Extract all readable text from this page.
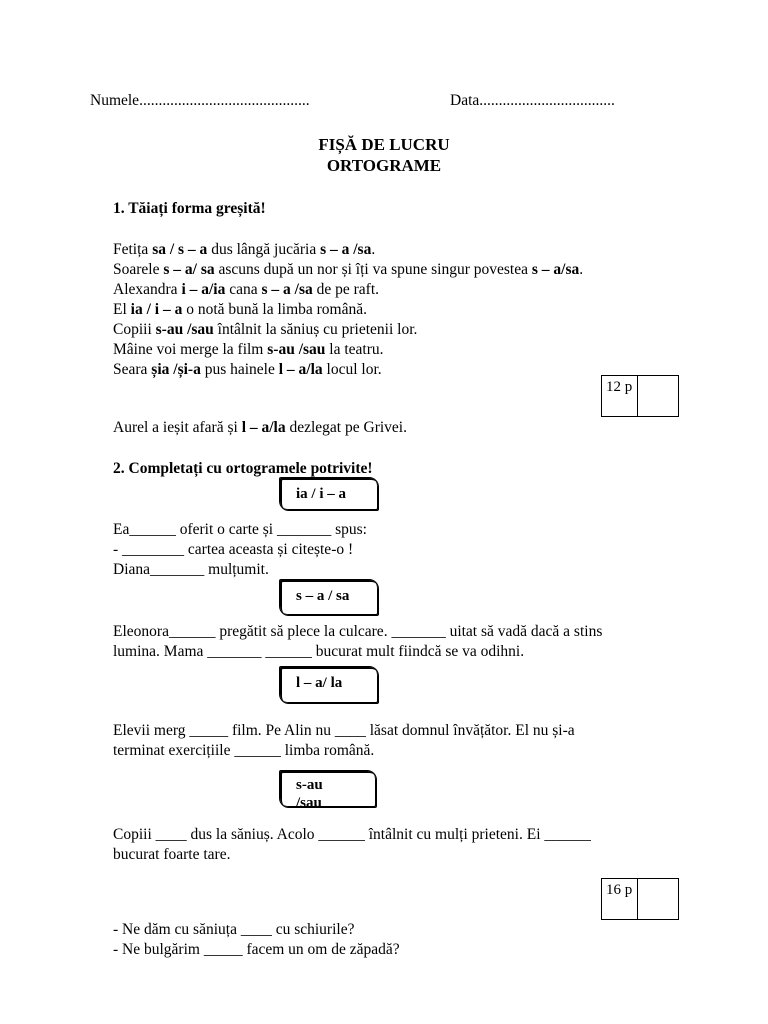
Numele............................................	Data...................................
FIȘĂ DE LUCRU
ORTOGRAME
1. Tăiați forma greșită!
Fetița sa / s – a dus lângă jucăria s – a /sa.
Soarele s – a/ sa ascuns după un nor și îți va spune singur povestea s – a/sa.
Alexandra i – a/ia cana s – a /sa de pe raft.
El ia / i – a o notă bună la limba română.
Copiii s-au /sau întâlnit la săniuș cu prietenii lor.
Mâine voi merge la film s-au /sau la teatru.
Seara șia /și-a pus hainele l – a/la locul lor.
Aurel a ieșit afară și l – a/la dezlegat pe Grivei.
12 p
2. Completați cu ortogramele potrivite!
ia / i – a
Ea______ oferit o carte și _______ spus:
- ________ cartea aceasta și citește-o !
Diana_______ mulțumit.
s – a / sa
Eleonora______ pregătit să plece la culcare. _______ uitat să vadă dacă a stins
lumina. Mama _______ ______ bucurat mult fiindcă se va odihni.
l – a/ la
Elevii merg _____ film. Pe Alin nu ____ lăsat domnul învățător. El nu și-a
terminat exercițiile ______ limba română.
s-au
/sau
Copiii ____ dus la săniuș. Acolo ______ întâlnit cu mulți prieteni. Ei ______
bucurat foarte tare.
16 p
- Ne dăm cu săniuța ____ cu schiurile?
- Ne bulgărim _____ facem un om de zăpadă?
